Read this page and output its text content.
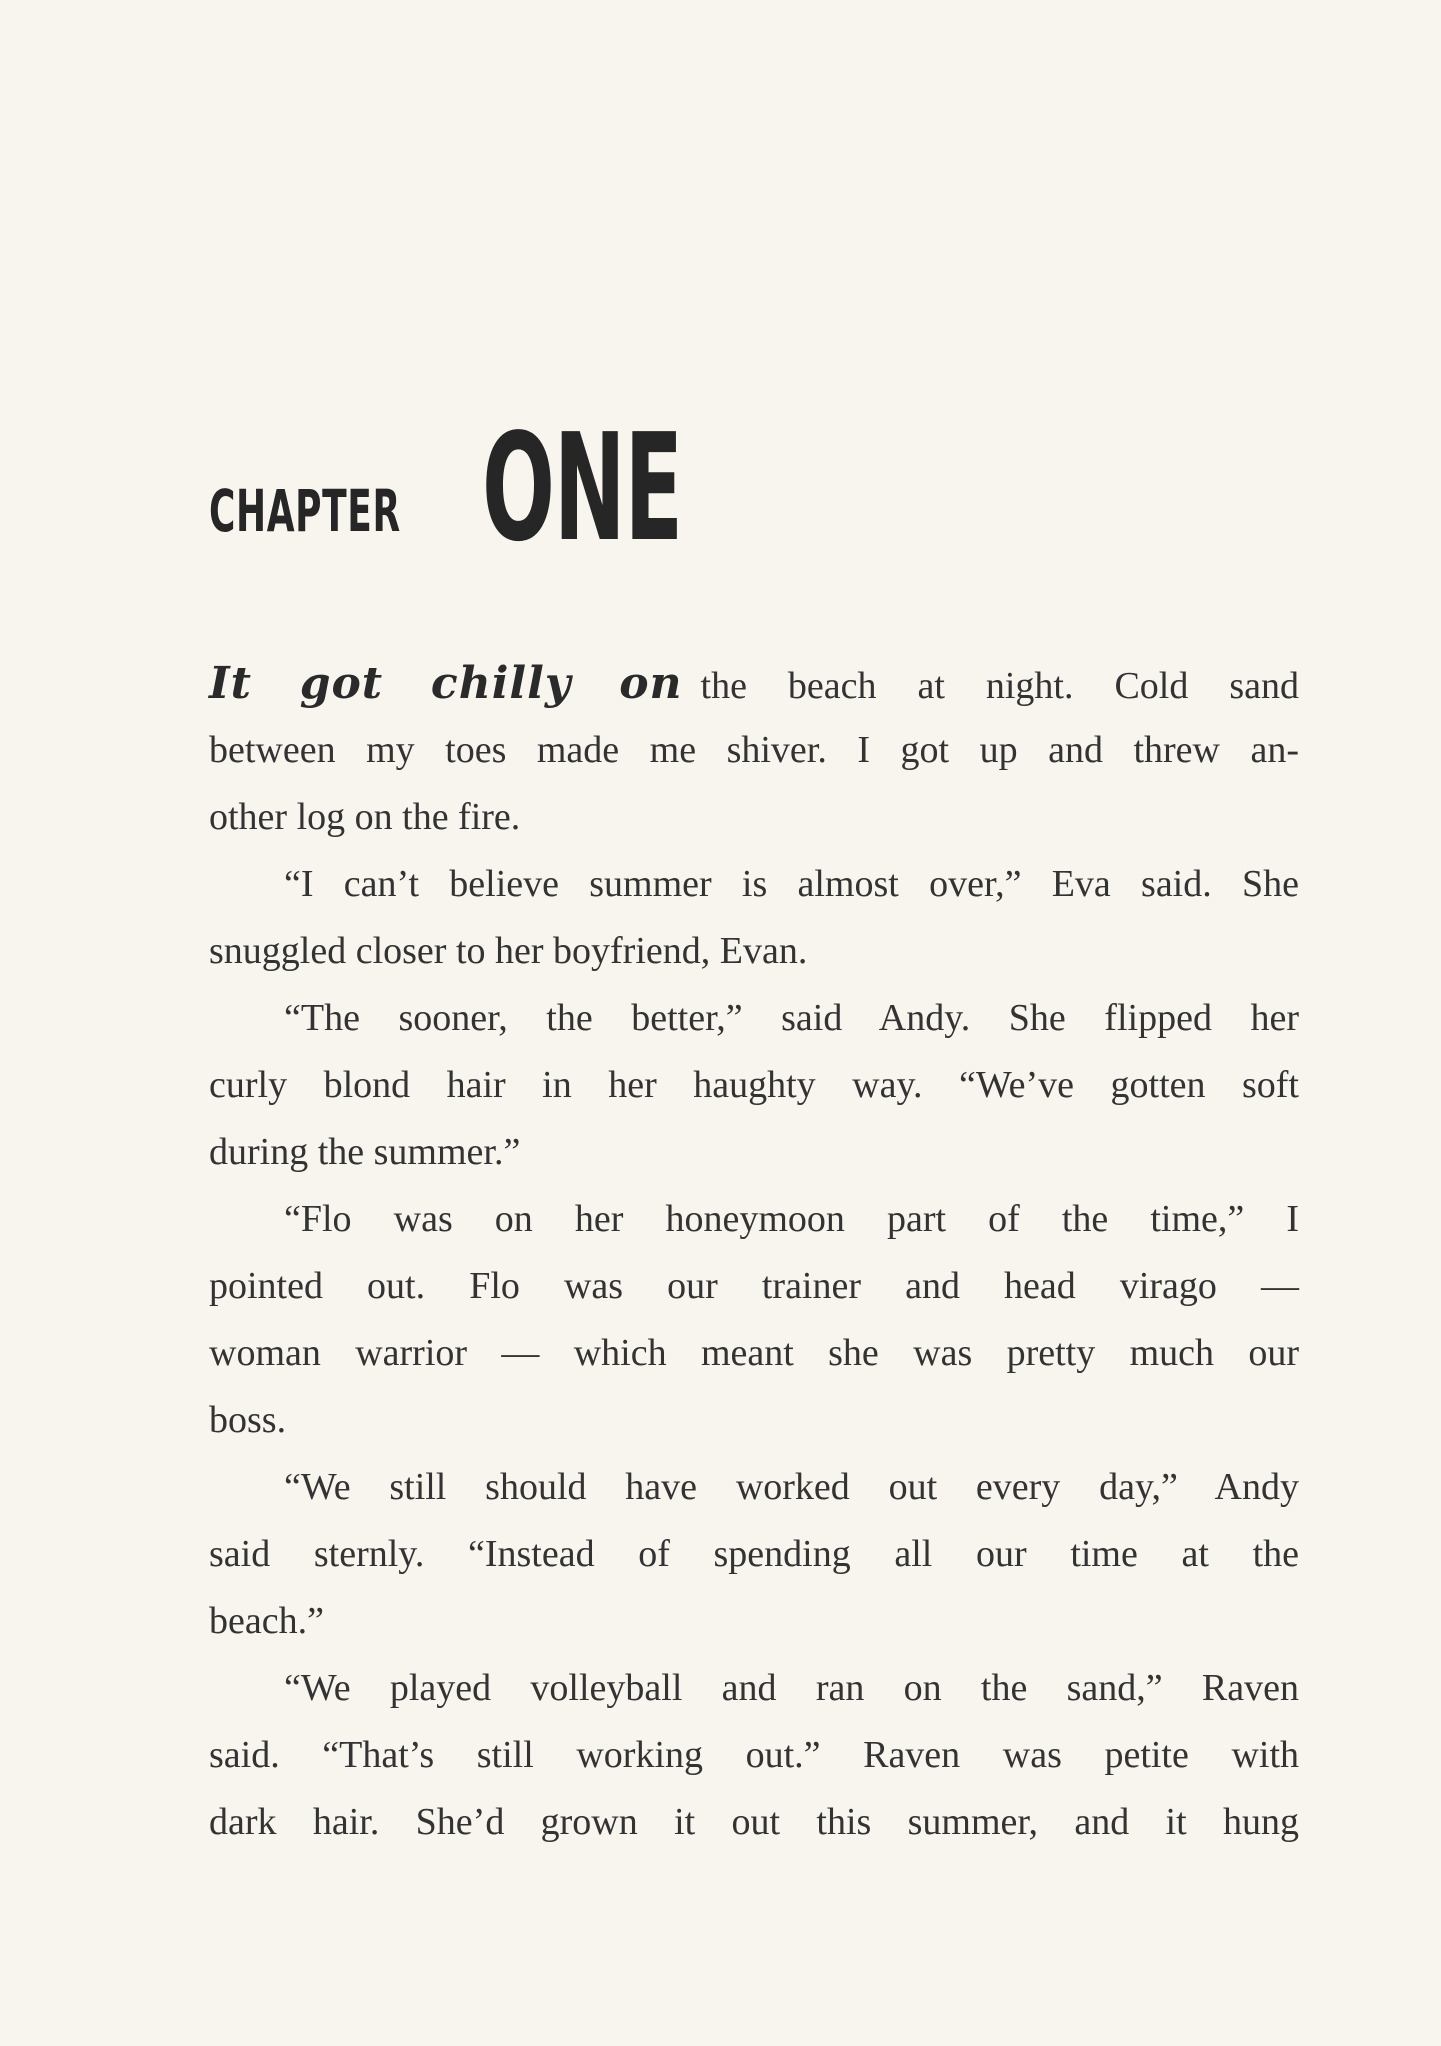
CHAPTER ONE
It got chilly on the beach at night. Cold sand
between my toes made me shiver. I got up and threw an-
other log on the fire.
“I can’t believe summer is almost over,” Eva said. She
snuggled closer to her boyfriend, Evan.
“The sooner, the better,” said Andy. She flipped her
curly blond hair in her haughty way. “We’ve gotten soft
during the summer.”
“Flo was on her honeymoon part of the time,” I
pointed out. Flo was our trainer and head virago —
woman warrior — which meant she was pretty much our
boss.
“We still should have worked out every day,” Andy
said sternly. “Instead of spending all our time at the
beach.”
“We played volleyball and ran on the sand,” Raven
said. “That’s still working out.” Raven was petite with
dark hair. She’d grown it out this summer, and it hung
